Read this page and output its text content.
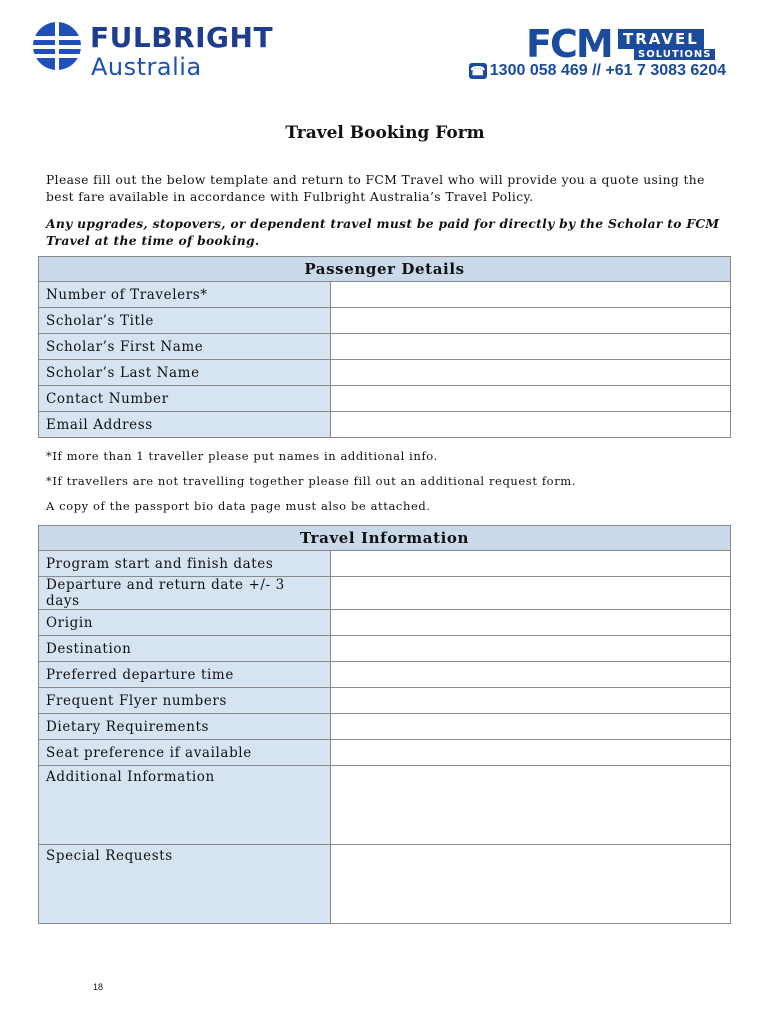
FULBRIGHT
Australia
FCM TRAVEL
SOLUTIONS
☎ 1300 058 469 // +61 7 3083 6204
Travel Booking Form
Please fill out the below template and return to FCM Travel who will provide you a quote using the best fare available in accordance with Fulbright Australia’s Travel Policy.
Any upgrades, stopovers, or dependent travel must be paid for directly by the Scholar to FCM Travel at the time of booking.
Passenger Details	
Number of Travelers*	
Scholar’s Title	
Scholar’s First Name	
Scholar’s Last Name	
Contact Number	
Email Address	
*If more than 1 traveller please put names in additional info.
*If travellers are not travelling together please fill out an additional request form.
A copy of the passport bio data page must also be attached.
Travel Information	
Program start and finish dates	
Departure and return date +/- 3 days	
Origin	
Destination	
Preferred departure time	
Frequent Flyer numbers	
Dietary Requirements	
Seat preference if available	
Additional Information	
Special Requests	
18
